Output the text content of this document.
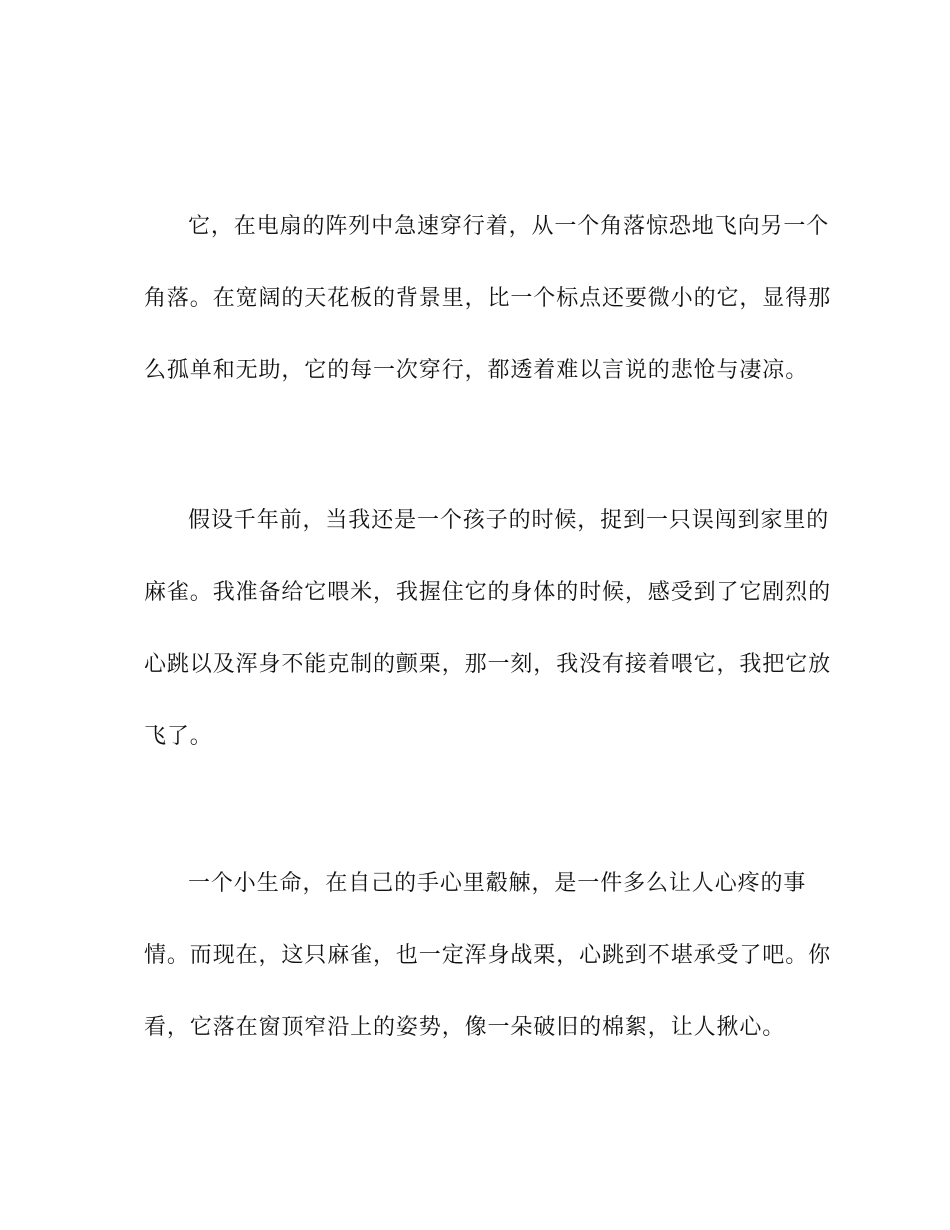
它，在电扇的阵列中急速穿行着，从一个角落惊恐地飞向另一个
角落。在宽阔的天花板的背景里，比一个标点还要微小的它，显得那
么孤单和无助，它的每一次穿行，都透着难以言说的悲怆与凄凉。
假设千年前，当我还是一个孩子的时候，捉到一只误闯到家里的
麻雀。我准备给它喂米，我握住它的身体的时候，感受到了它剧烈的
心跳以及浑身不能克制的颤栗，那一刻，我没有接着喂它，我把它放
飞了。
一个小生命，在自己的手心里觳觫，是一件多么让人心疼的事
情。而现在，这只麻雀，也一定浑身战栗，心跳到不堪承受了吧。你
看，它落在窗顶窄沿上的姿势，像一朵破旧的棉絮，让人揪心。
